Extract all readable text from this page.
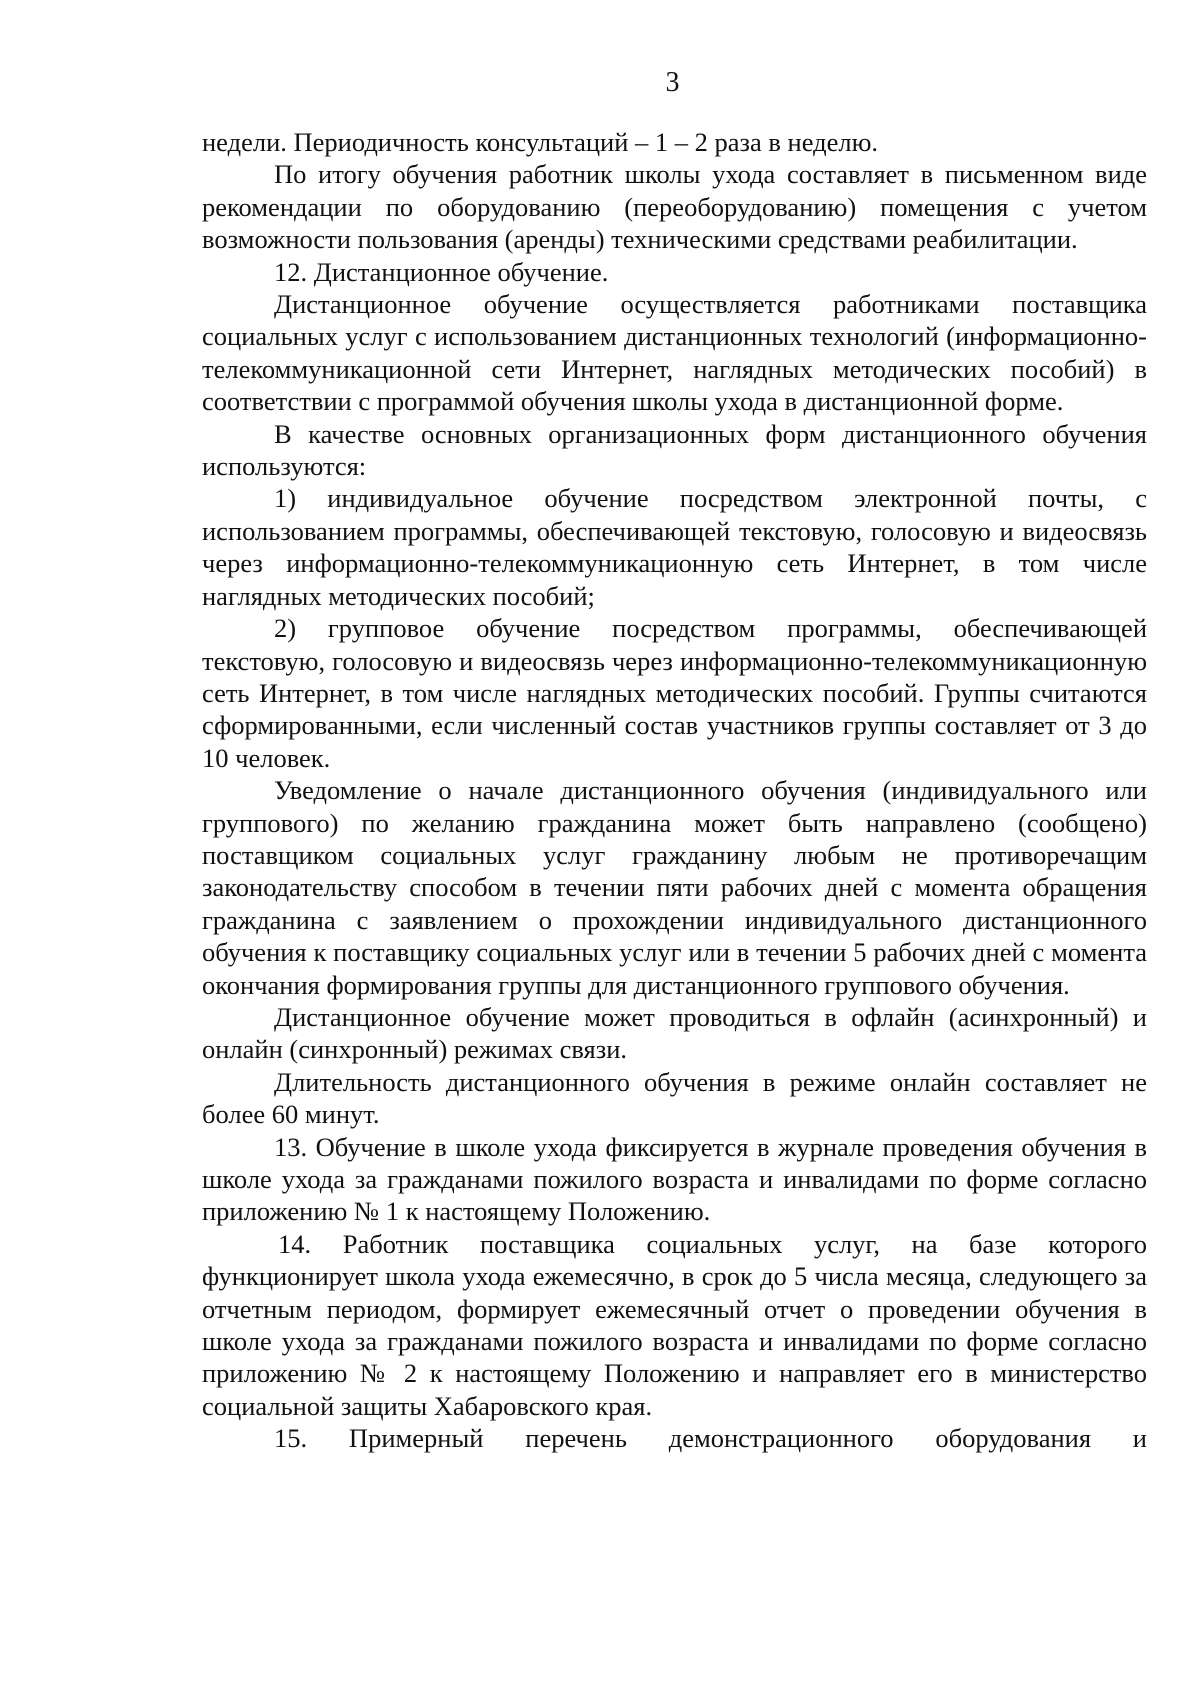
3

недели. Периодичность консультаций – 1 – 2 раза в неделю.

По итогу обучения работник школы ухода составляет в письменном виде рекомендации по оборудованию (переоборудованию) помещения с учетом возможности пользования (аренды) техническими средствами реабилитации.

12. Дистанционное обучение.

Дистанционное обучение осуществляется работниками поставщика социальных услуг с использованием дистанционных технологий (информационно-телекоммуникационной сети Интернет, наглядных методических пособий) в соответствии с программой обучения школы ухода в дистанционной форме.

В качестве основных организационных форм дистанционного обучения используются:

1) индивидуальное обучение посредством электронной почты, с использованием программы, обеспечивающей текстовую, голосовую и видеосвязь через информационно-телекоммуникационную сеть Интернет, в том числе наглядных методических пособий;

2) групповое обучение посредством программы, обеспечивающей текстовую, голосовую и видеосвязь через информационно-телекоммуникационную сеть Интернет, в том числе наглядных методических пособий. Группы считаются сформированными, если численный состав участников группы составляет от 3 до 10 человек.

Уведомление о начале дистанционного обучения (индивидуального или группового) по желанию гражданина может быть направлено (сообщено) поставщиком социальных услуг гражданину любым не противоречащим законодательству способом в течении пяти рабочих дней с момента обращения гражданина с заявлением о прохождении индивидуального дистанционного обучения к поставщику социальных услуг или в течении 5 рабочих дней с момента окончания формирования группы для дистанционного группового обучения.

Дистанционное обучение может проводиться в офлайн (асинхронный) и онлайн (синхронный) режимах связи.

Длительность дистанционного обучения в режиме онлайн составляет не более 60 минут.

13. Обучение в школе ухода фиксируется в журнале проведения обучения в школе ухода за гражданами пожилого возраста и инвалидами по форме согласно приложению № 1 к настоящему Положению.

14. Работник поставщика социальных услуг, на базе которого функционирует школа ухода ежемесячно, в срок до 5 числа месяца, следующего за отчетным периодом, формирует ежемесячный отчет о проведении обучения в школе ухода за гражданами пожилого возраста и инвалидами по форме согласно приложению № 2 к настоящему Положению и направляет его в министерство социальной защиты Хабаровского края.

15. Примерный перечень демонстрационного оборудования и
